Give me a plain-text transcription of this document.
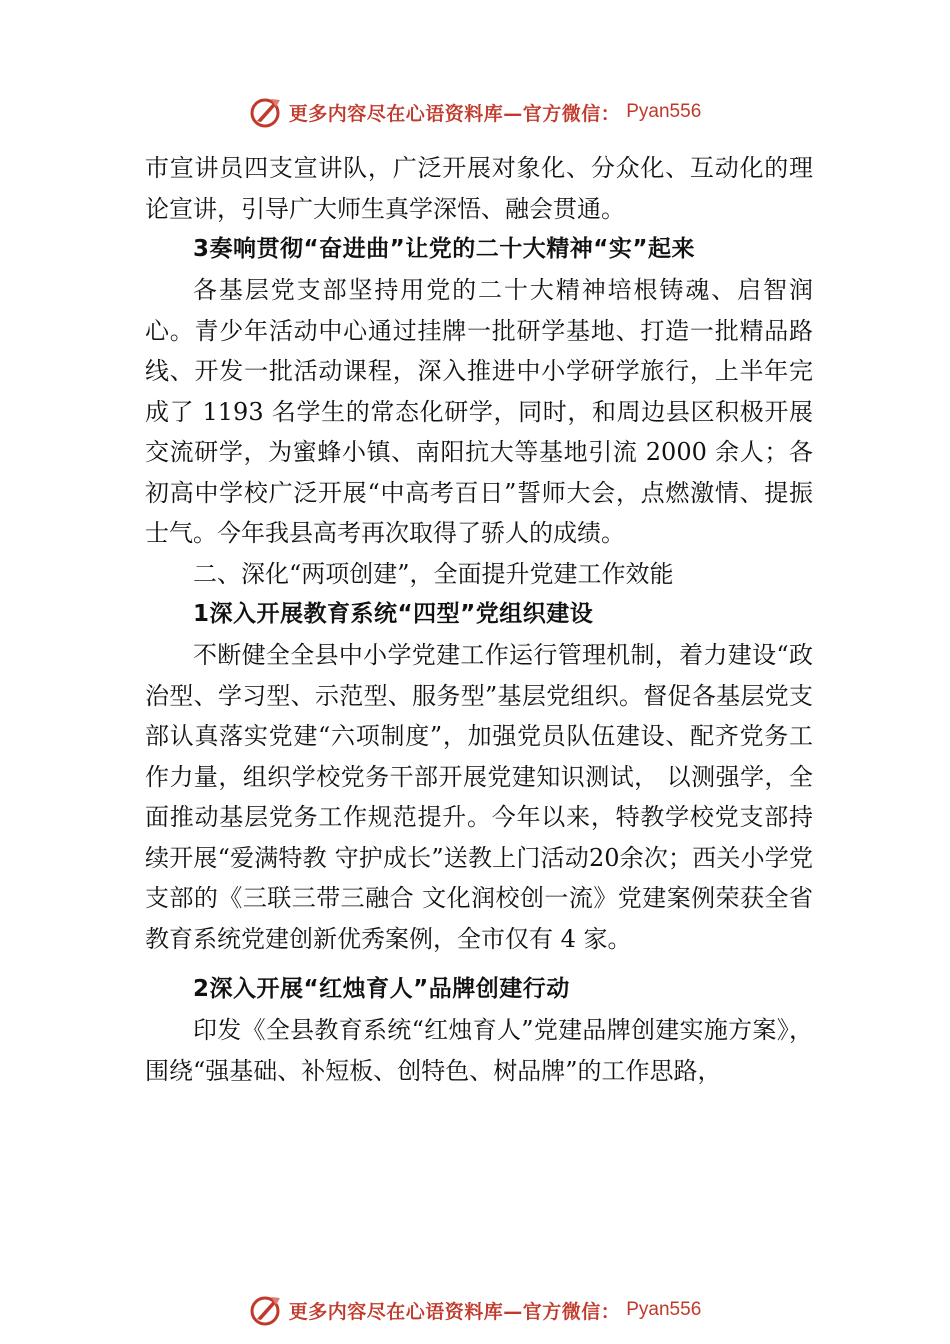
更多内容尽在心语资料库—官方微信： Pyan556

巿宣讲员四支宣讲队，广泛开展对象化、分众化、互动化的理论宣讲，引导广大师生真学深悟、融会贯通。

3奏响贯彻“奋进曲”让党的二十大精神“实”起来

各基层党支部坚持用党的二十大精神培根铸魂、启智润心。青少年活动中心通过挂牌一批研学基地、打造一批精品路线、开发一批活动课程，深入推进中小学研学旅行，上半年完成了 1193 名学生的常态化研学，同时，和周边县区积极开展交流研学，为蜜蜂小镇、南阳抗大等基地引流 2000 余人；各初高中学校广泛开展“中高考百日”誓师大会，点燃激情、提振士气。今年我县高考再次取得了骄人的成绩。

二、深化“两项创建”，全面提升党建工作效能

1深入开展教育系统“四型”党组织建设

不断健全全县中小学党建工作运行管理机制，着力建设“政治型、学习型、示范型、服务型”基层党组织。督促各基层党支部认真落实党建“六项制度”，加强党员队伍建设、配齐党务工作力量，组织学校党务干部开展党建知识测试， 以测强学，全面推动基层党务工作规范提升。今年以来，特教学校党支部持续开展“爱满特教 守护成长”送教上门活动20余次；西关小学党支部的《三联三带三融合 文化润校创一流》党建案例荣获全省教育系统党建创新优秀案例，全市仅有 4 家。

2深入开展“红烛育人”品牌创建行动

印发《全县教育系统“红烛育人”党建品牌创建实施方案》，围绕“强基础、补短板、创特色、树品牌”的工作思路，

更多内容尽在心语资料库—官方微信： Pyan556
